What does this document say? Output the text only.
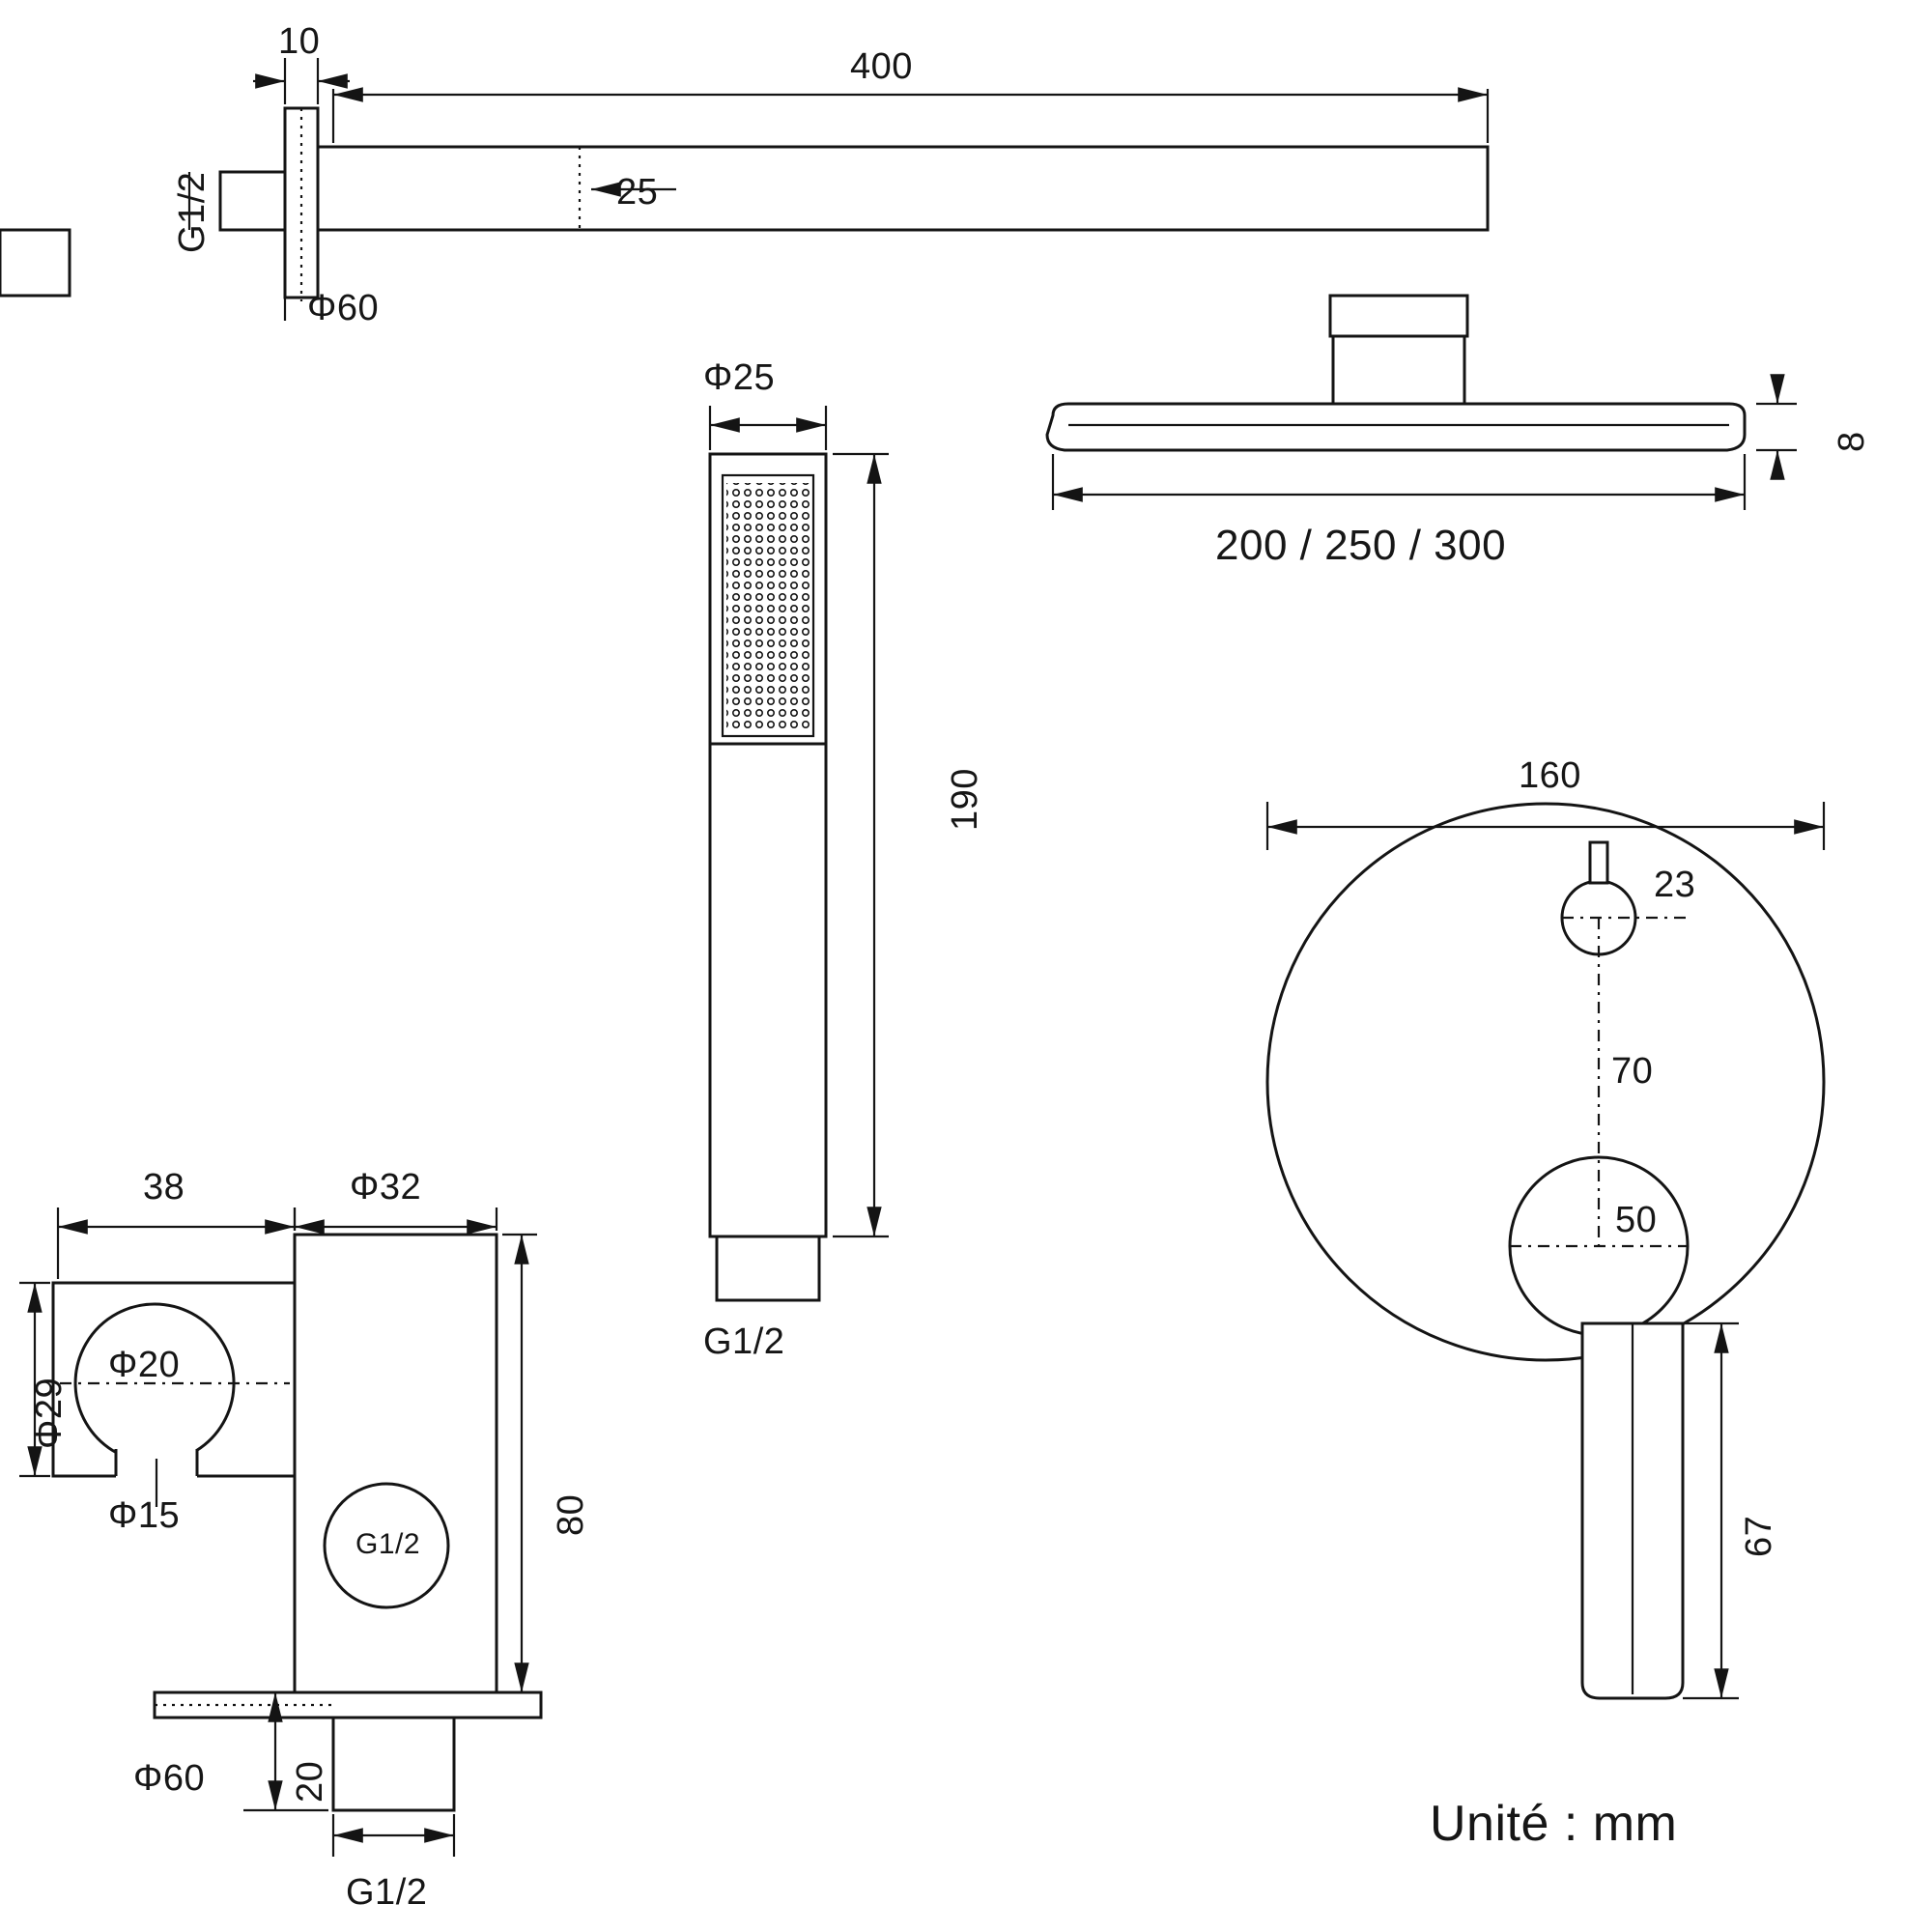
10
400
25
G1/2
Φ60
Φ25
190
G1/2
8
200 / 250 / 300
38	Φ32
Φ29
Φ20
Φ15	80
G1/2
Φ60 20
G1/2
160
23
70
50
67
Unité : mm
